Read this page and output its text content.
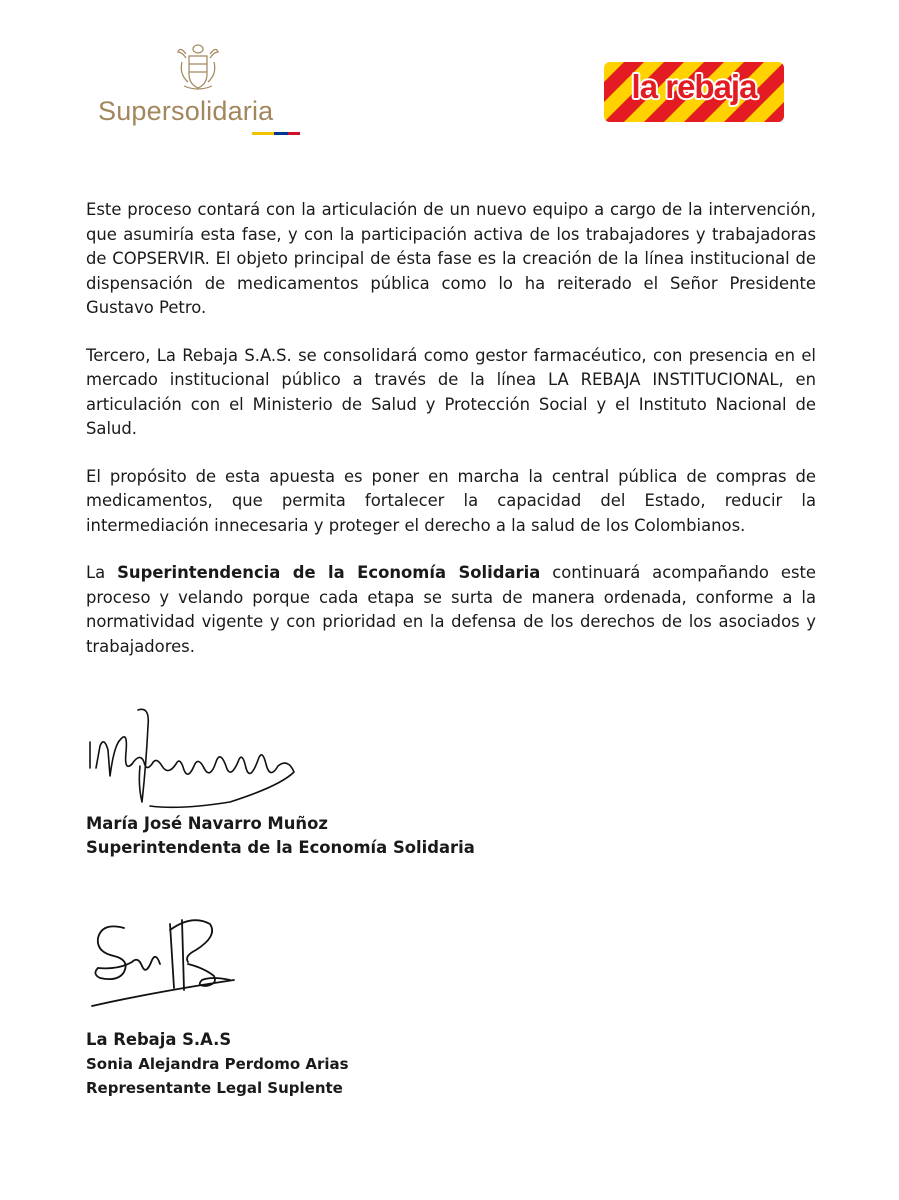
Supersolidaria
la rebaja

Este proceso contará con la articulación de un nuevo equipo a cargo de la intervención, que asumiría esta fase, y con la participación activa de los trabajadores y trabajadoras de COPSERVIR. El objeto principal de ésta fase es la creación de la línea institucional de dispensación de medicamentos pública como lo ha reiterado el Señor Presidente Gustavo Petro.

Tercero, La Rebaja S.A.S. se consolidará como gestor farmacéutico, con presencia en el mercado institucional público a través de la línea LA REBAJA INSTITUCIONAL, en articulación con el Ministerio de Salud y Protección Social y el Instituto Nacional de Salud.

El propósito de esta apuesta es poner en marcha la central pública de compras de medicamentos, que permita fortalecer la capacidad del Estado, reducir la intermediación innecesaria y proteger el derecho a la salud de los Colombianos.

La Superintendencia de la Economía Solidaria continuará acompañando este proceso y velando porque cada etapa se surta de manera ordenada, conforme a la normatividad vigente y con prioridad en la defensa de los derechos de los asociados y trabajadores.

María José Navarro Muñoz
Superintendenta de la Economía Solidaria
La Rebaja S.A.S
Sonia Alejandra Perdomo Arias
Representante Legal Suplente
